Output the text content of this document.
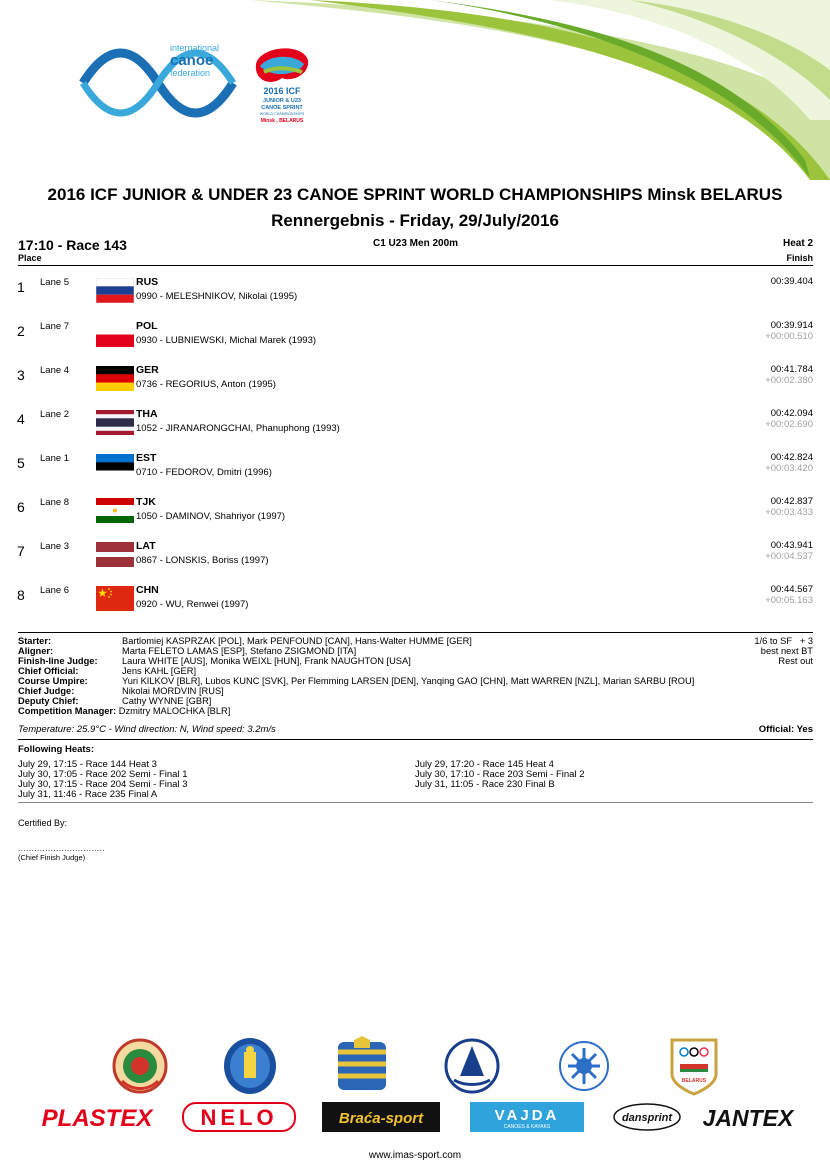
international
canoe
federation
2016 ICF
JUNIOR & U23
CANOE SPRINT
WORLD CHAMPIONSHIPS
Minsk , BELARUS
2016 ICF JUNIOR & UNDER 23 CANOE SPRINT WORLD CHAMPIONSHIPS Minsk BELARUS
Rennergebnis - Friday, 29/July/2016
17:10 - Race 143	C1 U23 Men 200m	Heat 2
Place	Finish
1 Lane 5	RUS
0990 - MELESHNIKOV, Nikolai (1995)
00:39.404
2 Lane 7	POL
0930 - LUBNIEWSKI, Michal Marek (1993)
00:39.914
+00:00.510
3 Lane 4	GER
0736 - REGORIUS, Anton (1995)
00:41.784
+00:02.380
4 Lane 2	THA
1052 - JIRANARONGCHAI, Phanuphong (1993)
00:42.094
+00:02.690
5 Lane 1	EST
0710 - FEDOROV, Dmitri (1996)
00:42.824
+00:03.420
6 Lane 8	TJK
1050 - DAMINOV, Shahriyor (1997)
00:42.837
+00:03.433
7 Lane 3	LAT
0867 - LONSKIS, Boriss (1997)
00:43.941
+00:04.537
8 Lane 6	CHN
0920 - WU, Renwei (1997)
00:44.567
+00:05.163
Starter:	Bartlomiej KASPRZAK [POL], Mark PENFOUND [CAN], Hans-Walter HUMME [GER]
Aligner:	Marta FELETO LAMAS [ESP], Stefano ZSIGMOND [ITA]
Finish-line Judge:	Laura WHITE [AUS], Monika WEIXL [HUN], Frank NAUGHTON [USA]
Chief Official:	Jens KAHL [GER]
Course Umpire:	Yuri KILKOV [BLR], Lubos KUNC [SVK], Per Flemming LARSEN [DEN], Yanqing GAO [CHN], Matt WARREN [NZL], Marian SARBU [ROU]
Chief Judge:	Nikolai MORDVIN [RUS]
Deputy Chief:	Cathy WYNNE [GBR]
Competition Manager:
Dzmitry MALOCHKA [BLR]
1/6 to SF   + 3
best next BT
Rest out
Temperature: 25.9°C - Wind direction: N, Wind speed: 3.2m/s	Official: Yes
Following Heats:
July 29, 17:15 - Race 144 Heat 3
July 30, 17:05 - Race 202 Semi - Final 1
July 30, 17:15 - Race 204 Semi - Final 3
July 31, 11:46 - Race 235 Final A
July 29, 17:20 - Race 145 Heat 4
July 30, 17:10 - Race 203 Semi - Final 2
July 31, 11:05 - Race 230 Final B
Certified By:
................................
(Chief Finish Judge)
BELARUS
PLASTEX NELO	Braća-sport	VAJDA
CANOES & KAYAKS
dansprint JANTEX
www.imas-sport.com
